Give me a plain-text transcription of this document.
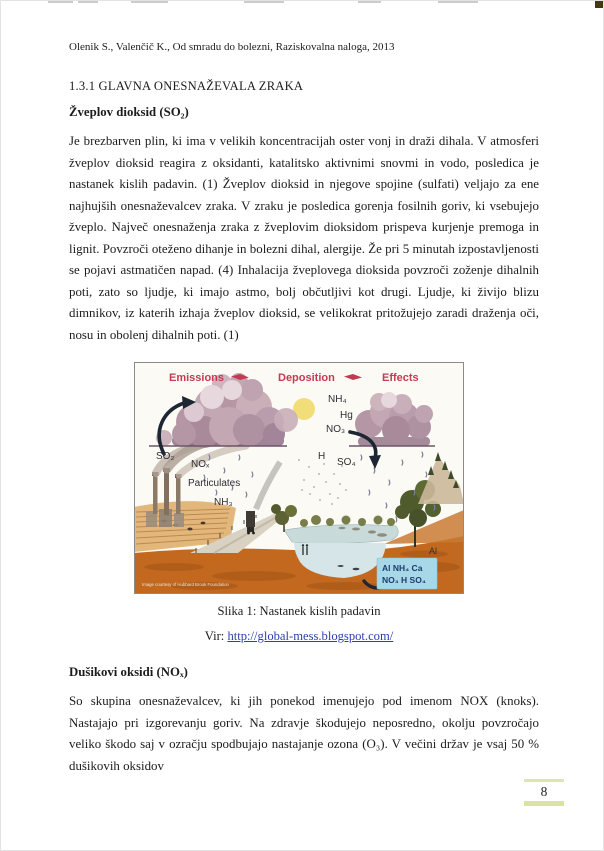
Olenik S., Valenčič K., Od smradu do bolezni, Raziskovalna naloga, 2013
1.3.1 GLAVNA ONESNAŽEVALA ZRAKA
Žveplov dioksid (SO₂)
Je brezbarven plin, ki ima v velikih koncentracijah oster vonj in draži dihala. V atmosferi žveplov dioksid reagira z oksidanti, katalitsko aktivnimi snovmi in vodo, posledica je nastanek kislih padavin. (1) Žveplov dioksid in njegove spojine (sulfati) veljajo za ene najhujših onesnaževalcev zraka. V zraku je posledica gorenja fosilnih goriv, ki vsebujejo žveplo. Največ onesnaženja zraka z žveplovim dioksidom prispeva kurjenje premoga in lignit. Povzroči oteženo dihanje in bolezni dihal, alergije. Že pri 5 minutah izpostavljenosti se pojavi astmatičen napad. (4) Inhalacija žveplovega dioksida povzroči zoženje dihalnih poti, zato so ljudje, ki imajo astmo, bolj občutljivi kot drugi. Ljudje, ki živijo blizu dimnikov, iz katerih izhaja žveplov dioksid, se velikokrat pritožujejo zaradi draženja oči, nosu in obolenj dihalnih poti. (1)
Emissions	Deposition	Effects
NH₄
Hg
NO₃
SO₂
NOₓ
Particulates
NH₃
H
SO₄
Al
Al NH₄ Ca
NO₃ H SO₄
Image courtesy of Hubbard Brook Foundation
Slika 1: Nastanek kislih padavin
Vir: http://global-mess.blogspot.com/
Dušikovi oksidi (NOₓ)
So skupina onesnaževalcev, ki jih ponekod imenujejo pod imenom NOX (knoks). Nastajajo pri izgorevanju goriv. Na zdravje škodujejo neposredno, okolju povzročajo veliko škodo saj v ozračju spodbujajo nastajanje ozona (O₃). V večini držav je vsaj 50 % dušikovih oksidov
8
